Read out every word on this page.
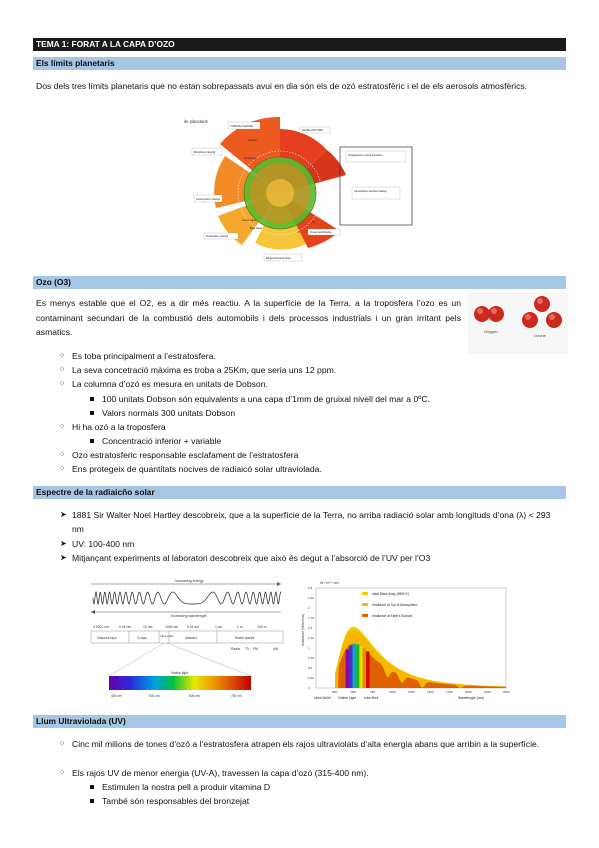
TEMA 1: FORAT A LA CAPA D’OZO
Els límits planetaris
Dos dels tres límits planetaris que no estan sobrepassats avui en dia són els de ozó estratosfèric i el de els aerosols atmosfèrics.
ite planetaris
CLIMATE CHANGE
NOVEL ENTITIES
Biosphere integrity
Land-system change
Freshwater change
Ocean acidification
Biogeochemical flows
Stratospheric ozone depletion
Atmospheric aerosol loading
Genetic
Functional
Green water
Blue water
P
N
Ozo (O3)
Es menys estable que el O2, es a dir més reactiu. A la superfície de la Terra, a la troposfera l’ozo es un contaminant secundari de la combustió dels automobils i dels processos industrials i un gran irritant pels asmatics.	Oxygen
Ozone
○ Es toba principalment a l’estratosfera.
○ La seva concetració màxima es troba a 25Km, que seria uns 12 ppm.
○ La columna d’ozó es mesura en unitats de Dobson.
100 unitats Dobson són equivalents a una capa d’1mm de gruixal nivell del mar a 0ºC.
Valors normals 300 unitats Dobson
○ Hi ha ozó a la troposfera
Concentració inferior + variable
○ Ozo estratosferic responsable esclafament de l’estratosfera
○ Ens protegeix de quantitats nocives de radiaicó solar ultraviolada.
Espectre de la radiaicño solar
➤ 1881 Sir Walter Noel Hartley descobreix, que a la superfície de la Terra, no arriba radiació solar amb longituds d’ona (λ) < 293 nm
➤ UV: 100-400 nm
➤ Mitjançant experiments al laboratori descobreix que això és degut a l’absorció de l’UV per l’O3
Increasing energy
Increasing wavelength
0.0001 nm	0.01 nm	10 nm	1000 nm	0.01 cm	1 cm	1 m	100 m
Gamma rays	X-rays	Ultra-violet	Infrared	Radio waves
Radar TV FM	AM
Visible light
400 nm	500 nm	600 nm	700 nm
W / m² / nm
Irradiance (W/m²/nm)
250	500	750	1000	1250	1500	1750	2000	2250	2500
0
0.25
0.5
0.75
1
1.25
1.5
1.75
2
2.25
2.5
Ideal Black Body (5900 K)
Irradiance at Top of Atmosphere
Irradiance at Earth's Surface
Ultra-Violet Visible Light Infra-Red	Wavelength (nm)
Llum Ultraviolada (UV)
○ Cinc mil milions de tones d’ozó a l’estratosfera atrapen els rajos ultraviolats d’alta energia abans que arribin a la superfície.
○ Els rajos UV de menor energia (UV-A), travessen la capa d’ozó (315-400 nm).
Estimulen la nostra pell a produir vitamina D
També són responsables del bronzejat
